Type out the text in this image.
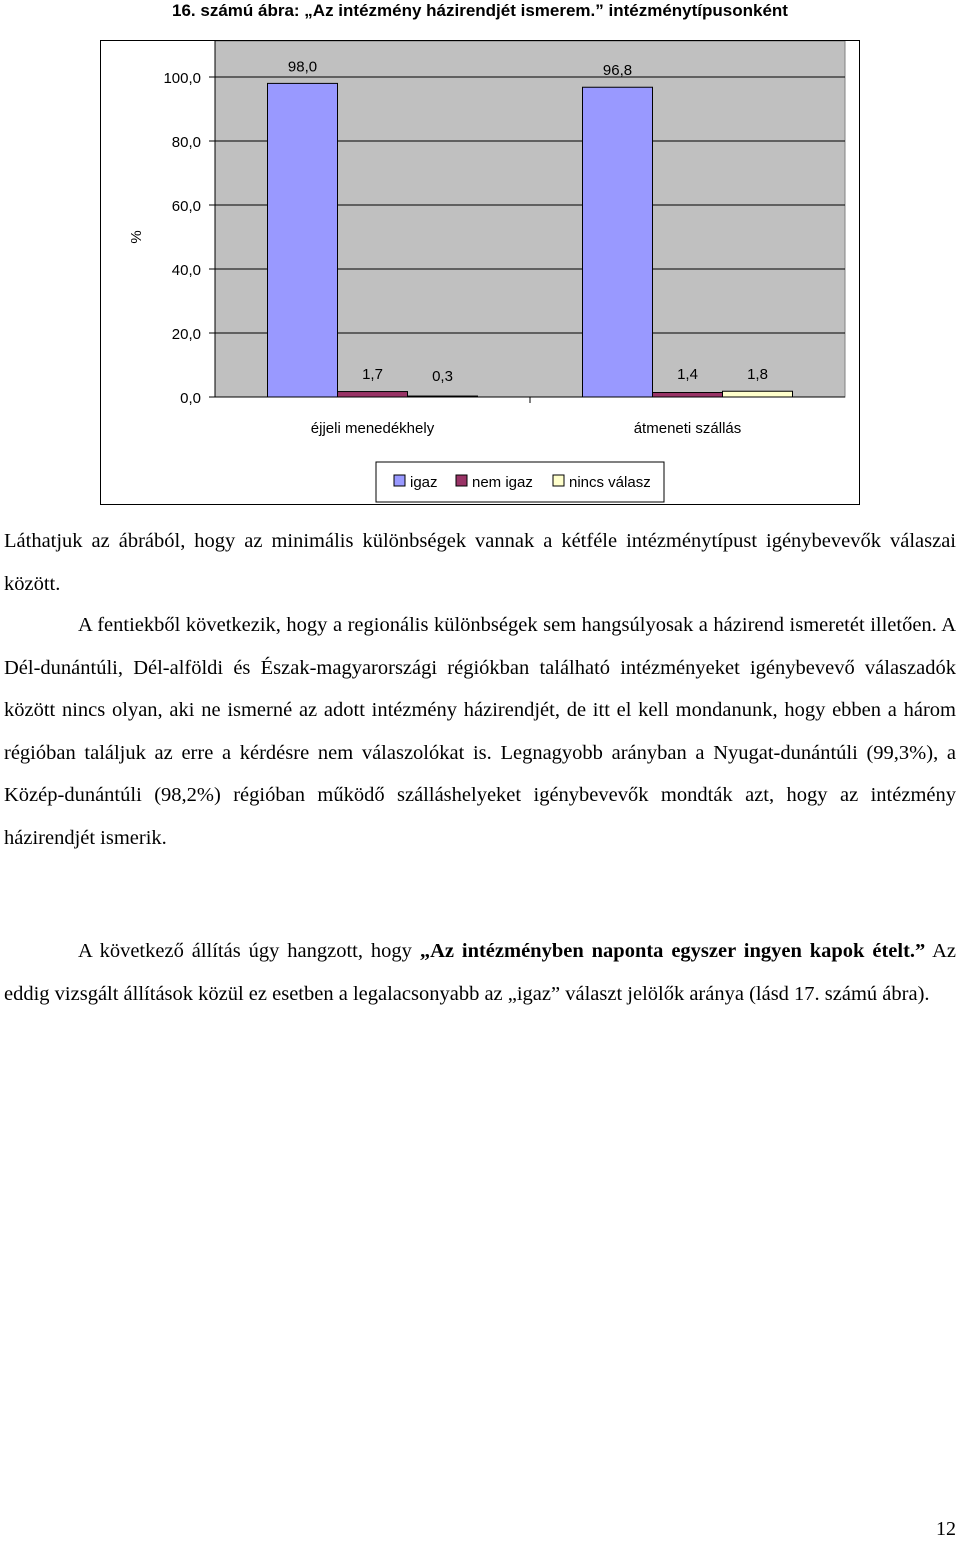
16. számú ábra: „Az intézmény házirendjét ismerem.” intézménytípusonként
0,0
20,0
40,0
60,0
80,0
100,0
%
98,0
1,7	0,3
éjjeli menedékhely
96,8
1,4	1,8
átmeneti szállás
igaz nem igaz nincs válasz

Láthatjuk az ábrából, hogy az minimális különbségek vannak a kétféle intézménytípust igénybevevők válaszai között.

A fentiekből következik, hogy a regionális különbségek sem hangsúlyosak a házirend ismeretét illetően. A Dél-dunántúli, Dél-alföldi és Észak-magyarországi régiókban található intézményeket igénybevevő válaszadók között nincs olyan, aki ne ismerné az adott intézmény házirendjét, de itt el kell mondanunk, hogy ebben a három régióban találjuk az erre a kérdésre nem válaszolókat is. Legnagyobb arányban a Nyugat-dunántúli (99,3%), a Közép-dunántúli (98,2%) régióban működő szálláshelyeket igénybevevők mondták azt, hogy az intézmény házirendjét ismerik.

A következő állítás úgy hangzott, hogy „Az intézményben naponta egyszer ingyen kapok ételt.” Az eddig vizsgált állítások közül ez esetben a legalacsonyabb az „igaz” választ jelölők aránya (lásd 17. számú ábra).

12
